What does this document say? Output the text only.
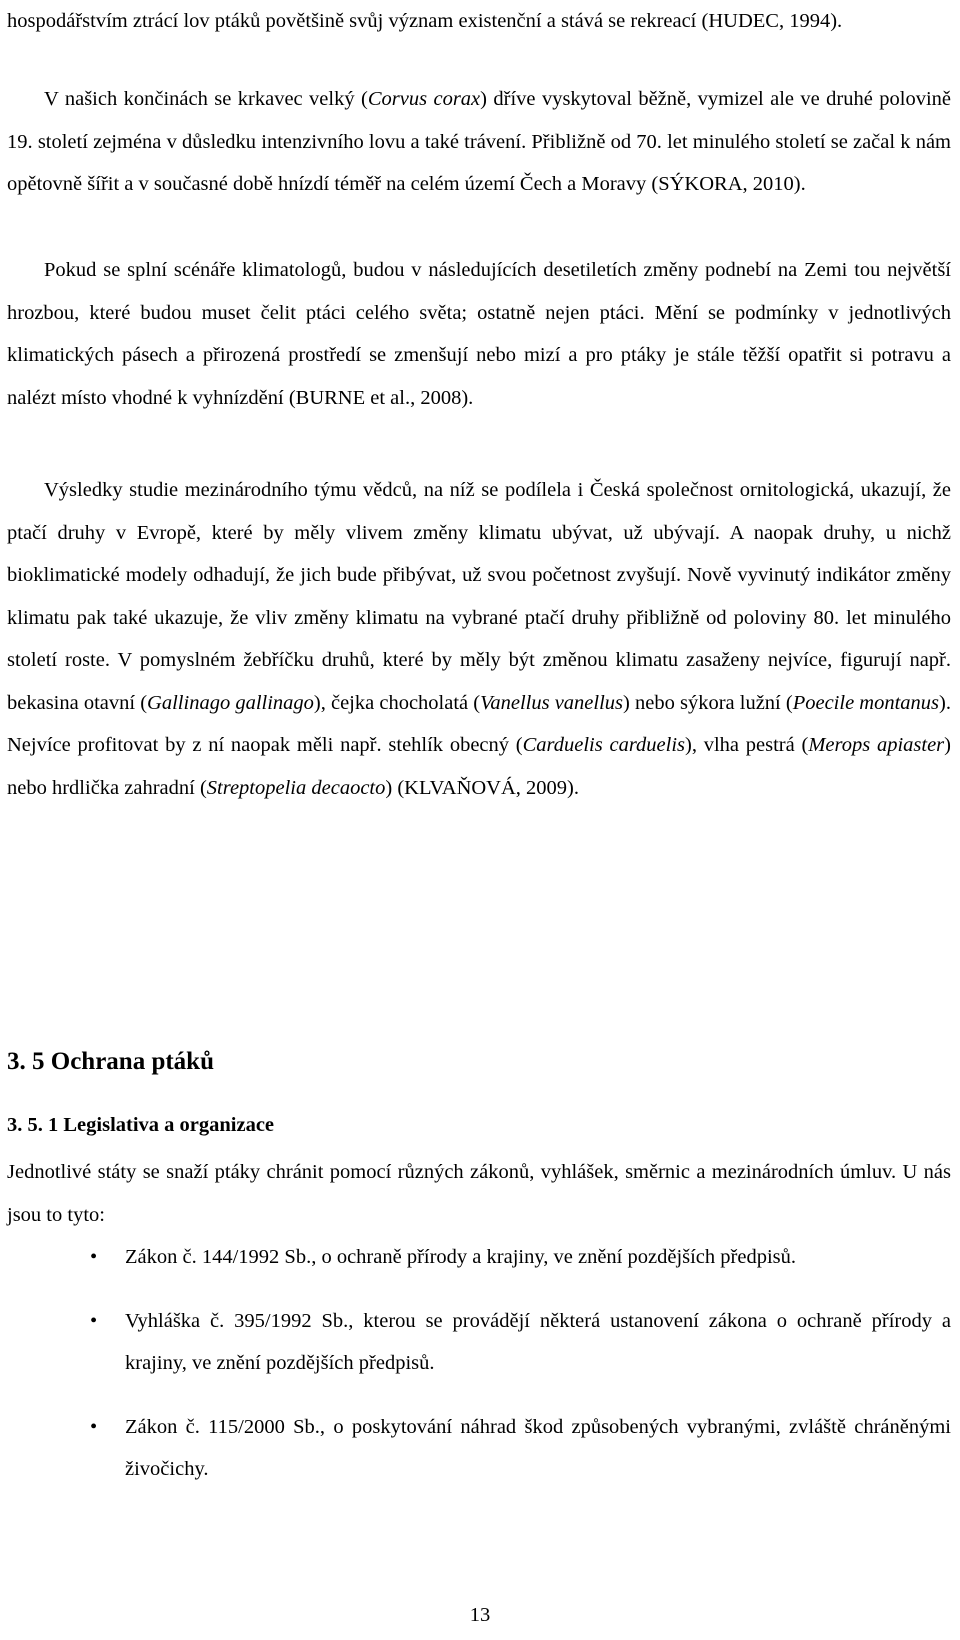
hospodářstvím ztrácí lov ptáků povětšině svůj význam existenční a stává se rekreací (HUDEC, 1994).

V našich končinách se krkavec velký (Corvus corax) dříve vyskytoval běžně, vymizel ale ve druhé polovině 19. století zejména v důsledku intenzivního lovu a také trávení. Přibližně od 70. let minulého století se začal k nám opětovně šířit a v současné době hnízdí téměř na celém území Čech a Moravy (SÝKORA, 2010).

Pokud se splní scénáře klimatologů, budou v následujících desetiletích změny podnebí na Zemi tou největší hrozbou, které budou muset čelit ptáci celého světa; ostatně nejen ptáci. Mění se podmínky v jednotlivých klimatických pásech a přirozená prostředí se zmenšují nebo mizí a pro ptáky je stále těžší opatřit si potravu a nalézt místo vhodné k vyhnízdění (BURNE et al., 2008).

Výsledky studie mezinárodního týmu vědců, na níž se podílela i Česká společnost ornitologická, ukazují, že ptačí druhy v Evropě, které by měly vlivem změny klimatu ubývat, už ubývají. A naopak druhy, u nichž bioklimatické modely odhadují, že jich bude přibývat, už svou početnost zvyšují. Nově vyvinutý indikátor změny klimatu pak také ukazuje, že vliv změny klimatu na vybrané ptačí druhy přibližně od poloviny 80. let minulého století roste. V pomyslném žebříčku druhů, které by měly být změnou klimatu zasaženy nejvíce, figurují např. bekasina otavní (Gallinago gallinago), čejka chocholatá (Vanellus vanellus) nebo sýkora lužní (Poecile montanus). Nejvíce profitovat by z ní naopak měli např. stehlík obecný (Carduelis carduelis), vlha pestrá (Merops apiaster) nebo hrdlička zahradní (Streptopelia decaocto) (KLVAŇOVÁ, 2009).

3. 5 Ochrana ptáků
3. 5. 1 Legislativa a organizace

Jednotlivé státy se snaží ptáky chránit pomocí různých zákonů, vyhlášek, směrnic a mezinárodních úmluv. U nás jsou to tyto:

• Zákon č. 144/1992 Sb., o ochraně přírody a krajiny, ve znění pozdějších předpisů.
• Vyhláška č. 395/1992 Sb., kterou se provádějí některá ustanovení zákona o ochraně přírody a krajiny, ve znění pozdějších předpisů.
• Zákon č. 115/2000 Sb., o poskytování náhrad škod způsobených vybranými, zvláště chráněnými živočichy.
13
